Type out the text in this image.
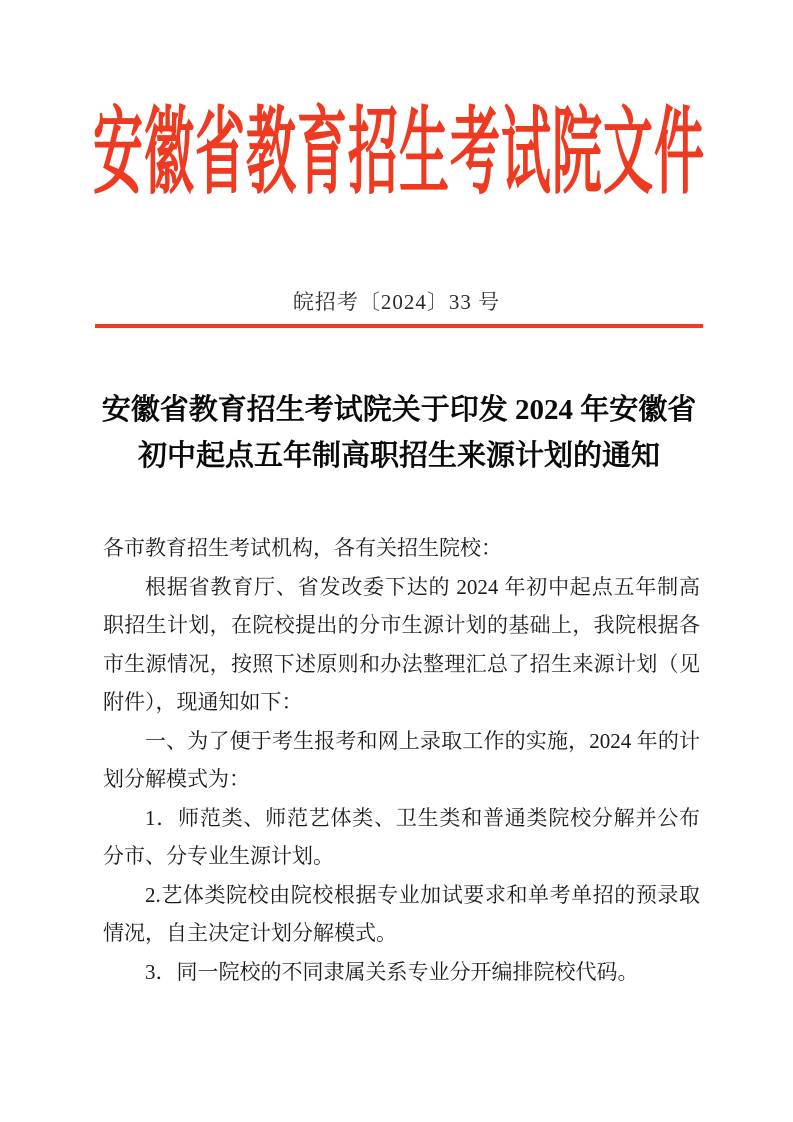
安徽省教育招生考试院文件
皖招考〔2024〕33 号
安徽省教育招生考试院关于印发 2024 年安徽省
初中起点五年制高职招生来源计划的通知

各市教育招生考试机构，各有关招生院校：

根据省教育厅、省发改委下达的 2024 年初中起点五年制高

职招生计划，在院校提出的分市生源计划的基础上，我院根据各

市生源情况，按照下述原则和办法整理汇总了招生来源计划（见

附件），现通知如下：

一、为了便于考生报考和网上录取工作的实施，2024 年的计

划分解模式为：

1．师范类、师范艺体类、卫生类和普通类院校分解并公布

分市、分专业生源计划。

2.艺体类院校由院校根据专业加试要求和单考单招的预录取

情况，自主决定计划分解模式。

3．同一院校的不同隶属关系专业分开编排院校代码。
